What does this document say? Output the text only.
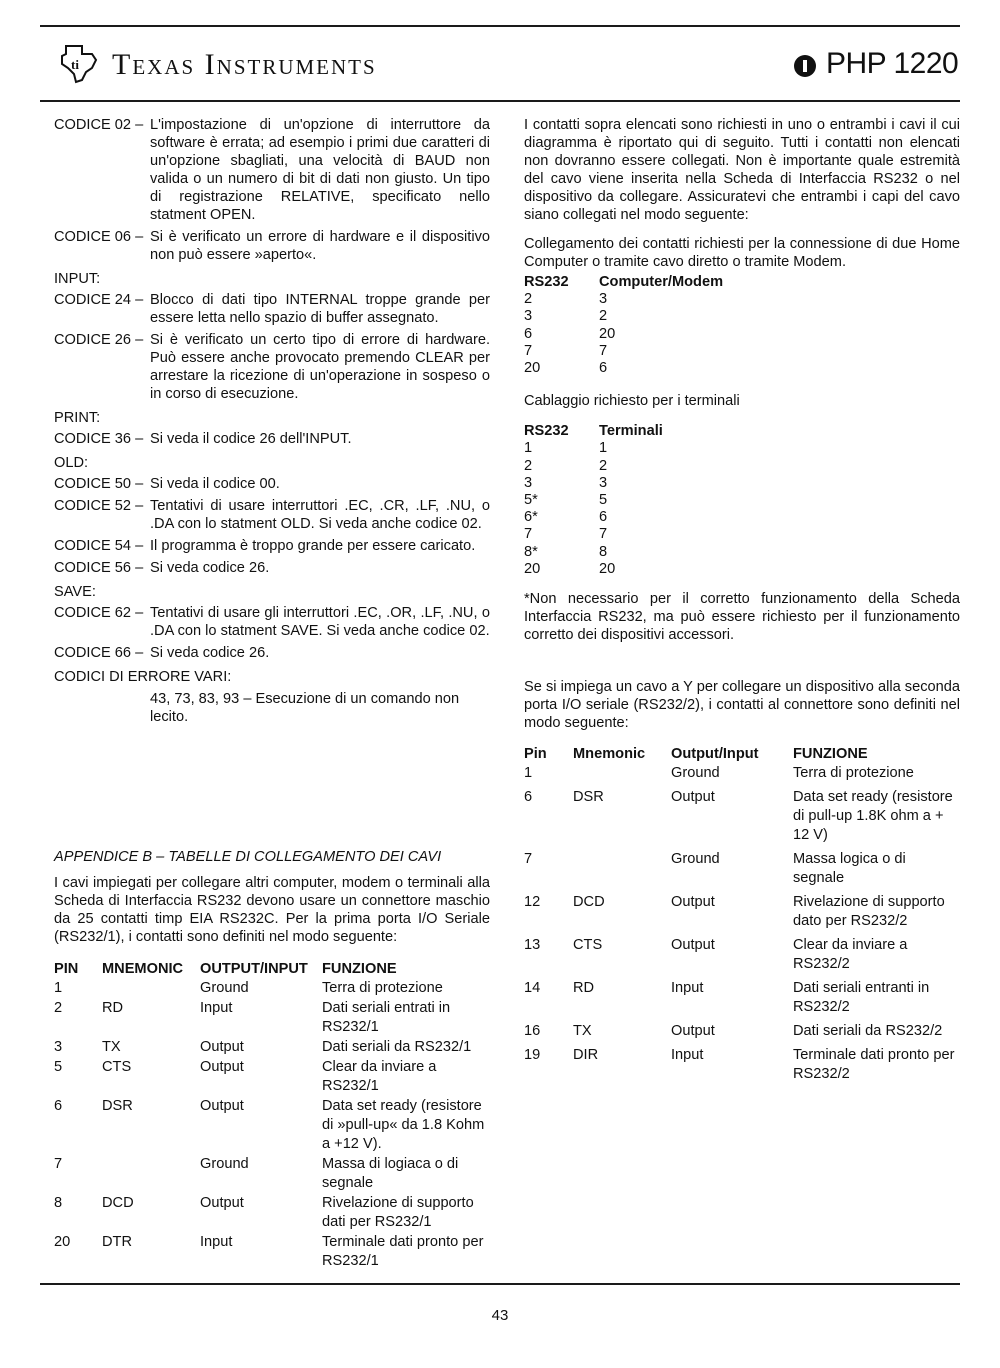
ti Texas Instruments	PHP 1220
CODICE 02 – L'impostazione di un'opzione di interruttore da software è errata; ad esempio i primi due caratteri di un'opzione sbagliati, una velocità di BAUD non valida o un numero di bit di dati non giusto. Un tipo di registrazione RELATIVE, specificato nello statment OPEN.
CODICE 06 – Si è verificato un errore di hardware e il dispositivo non può essere »aperto«.
INPUT:
CODICE 24 – Blocco di dati tipo INTERNAL troppe grande per essere letta nello spazio di buffer assegnato.
CODICE 26 – Si è verificato un certo tipo di errore di hardware. Può essere anche provocato premendo CLEAR per arrestare la ricezione di un'operazione in sospeso o in corso di esecuzione.
PRINT:
CODICE 36 – Si veda il codice 26 dell'INPUT.
OLD:
CODICE 50 – Si veda il codice 00.
CODICE 52 – Tentativi di usare interruttori .EC, .CR, .LF, .NU, o .DA con lo statment OLD. Si veda anche codice 02.
CODICE 54 – Il programma è troppo grande per essere caricato.
CODICE 56 – Si veda codice 26.
SAVE:
CODICE 62 – Tentativi di usare gli interruttori .EC, .OR, .LF, .NU, o .DA con lo statment SAVE. Si veda anche codice 02.
CODICE 66 – Si veda codice 26.
CODICI DI ERRORE VARI:
43, 73, 83, 93 – Esecuzione di un comando non lecito.
APPENDICE B – TABELLE DI COLLEGAMENTO DEI CAVI
I cavi impiegati per collegare altri computer, modem o terminali alla Scheda di Interfaccia RS232 devono usare un connettore maschio da 25 contatti timp EIA RS232C. Per la prima porta I/O Seriale (RS232/1), i contatti sono definiti nel modo seguente:
PIN	MNEMONIC	OUTPUT/INPUT	FUNZIONE
1		Ground	Terra di protezione
2	RD	Input	Dati seriali entrati in RS232/1
3	TX	Output	Dati seriali da RS232/1
5	CTS	Output	Clear da inviare a RS232/1
6	DSR	Output	Data set ready (resistore di »pull-up« da 1.8 Kohm a +12 V).
7		Ground	Massa di logiaca o di segnale
8	DCD	Output	Rivelazione di supporto dati per RS232/1
20	DTR	Input	Terminale dati pronto per RS232/1
I contatti sopra elencati sono richiesti in uno o entrambi i cavi il cui diagramma è riportato qui di seguito. Tutti i contatti non elencati non dovranno essere collegati. Non è importante quale estremità del cavo viene inserita nella Scheda di Interfaccia RS232 o nel dispositivo da collegare. Assicuratevi che entrambi i capi del cavo siano collegati nel modo seguente:
Collegamento dei contatti richiesti per la connessione di due Home Computer o tramite cavo diretto o tramite Modem.
RS232	Computer/Modem
2	3
3	2
6	20
7	7
20	6
Cablaggio richiesto per i terminali
RS232	Terminali
1	1
2	2
3	3
5*	5
6*	6
7	7
8*	8
20	20
*Non necessario per il corretto funzionamento della Scheda Interfaccia RS232, ma può essere richiesto per il funzionamento corretto dei dispositivi accessori.
Se si impiega un cavo a Y per collegare un dispositivo alla seconda porta I/O seriale (RS232/2), i contatti al connettore sono definiti nel modo seguente:
Pin	Mnemonic	Output/Input	FUNZIONE
1		Ground	Terra di protezione
6	DSR	Output	Data set ready (resistore di pull-up 1.8K ohm a + 12 V)
7		Ground	Massa logica o di segnale
12	DCD	Output	Rivelazione di supporto dato per RS232/2
13	CTS	Output	Clear da inviare a RS232/2
14	RD	Input	Dati seriali entranti in RS232/2
16	TX	Output	Dati seriali da RS232/2
19	DIR	Input	Terminale dati pronto per RS232/2
43
